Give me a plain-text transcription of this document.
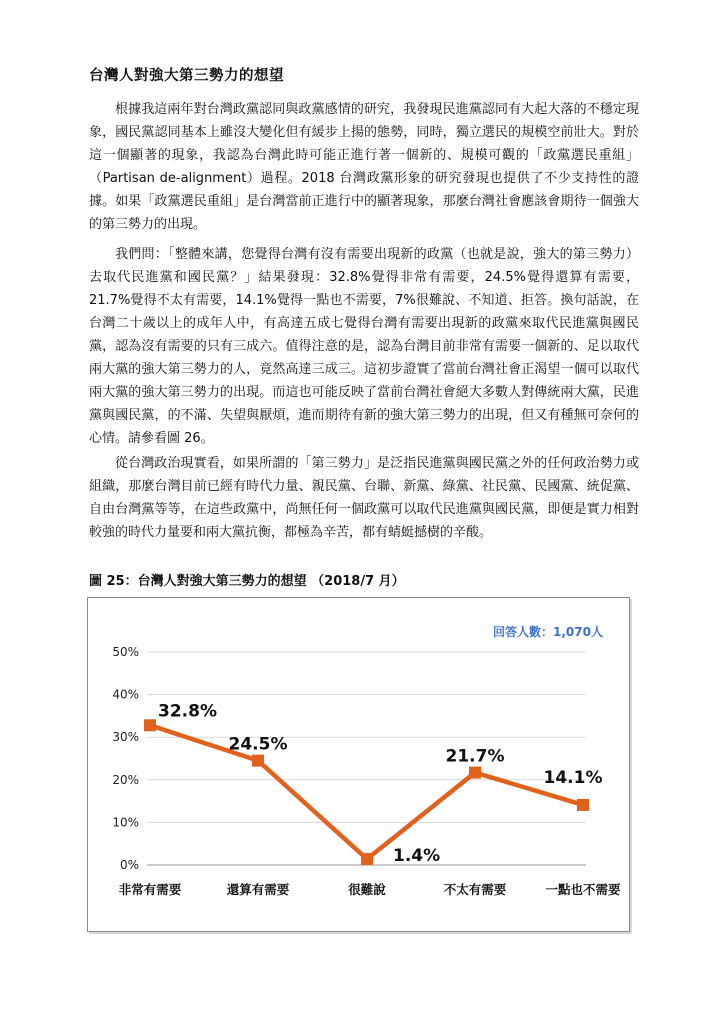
台灣人對強大第三勢力的想望

根據我這兩年對台灣政黨認同與政黨感情的研究，我發現民進黨認同有大起大落的不穩定現象，國民黨認同基本上雖沒大變化但有緩步上揚的態勢，同時，獨立選民的規模空前壯大。對於這一個顯著的現象，我認為台灣此時可能正進行著一個新的、規模可觀的「政黨選民重組」（Partisan de-alignment）過程。2018 台灣政黨形象的研究發現也提供了不少支持性的證據。如果「政黨選民重組」是台灣當前正進行中的顯著現象，那麼台灣社會應該會期待一個強大的第三勢力的出現。

我們問：「整體來講，您覺得台灣有沒有需要出現新的政黨（也就是說，強大的第三勢力）去取代民進黨和國民黨？」結果發現：32.8%覺得非常有需要，24.5%覺得還算有需要，21.7%覺得不太有需要，14.1%覺得一點也不需要，7%很難說、不知道、拒答。換句話說，在台灣二十歲以上的成年人中，有高達五成七覺得台灣有需要出現新的政黨來取代民進黨與國民黨，認為沒有需要的只有三成六。值得注意的是，認為台灣目前非常有需要一個新的、足以取代兩大黨的強大第三勢力的人，竟然高達三成三。這初步證實了當前台灣社會正渴望一個可以取代兩大黨的強大第三勢力的出現。而這也可能反映了當前台灣社會絕大多數人對傳統兩大黨，民進黨與國民黨，的不滿、失望與厭煩，進而期待有新的強大第三勢力的出現，但又有種無可奈何的心情。請參看圖 26。

從台灣政治現實看，如果所謂的「第三勢力」是泛指民進黨與國民黨之外的任何政治勢力或組織，那麼台灣目前已經有時代力量、親民黨、台聯、新黨、綠黨、社民黨、民國黨、統促黨、自由台灣黨等等，在這些政黨中，尚無任何一個政黨可以取代民進黨與國民黨，即便是實力相對較強的時代力量要和兩大黨抗衡，都極為辛苦，都有蜻蜓撼樹的辛酸。

圖 25：台灣人對強大第三勢力的想望 （2018/7 月）
0%
10%
20%
30%
40%
50%
非常有需要	還算有需要	很難說	不太有需要	一點也不需要
32.8%
24.5%
1.4%
21.7%
14.1%
回答人數：1,070人
